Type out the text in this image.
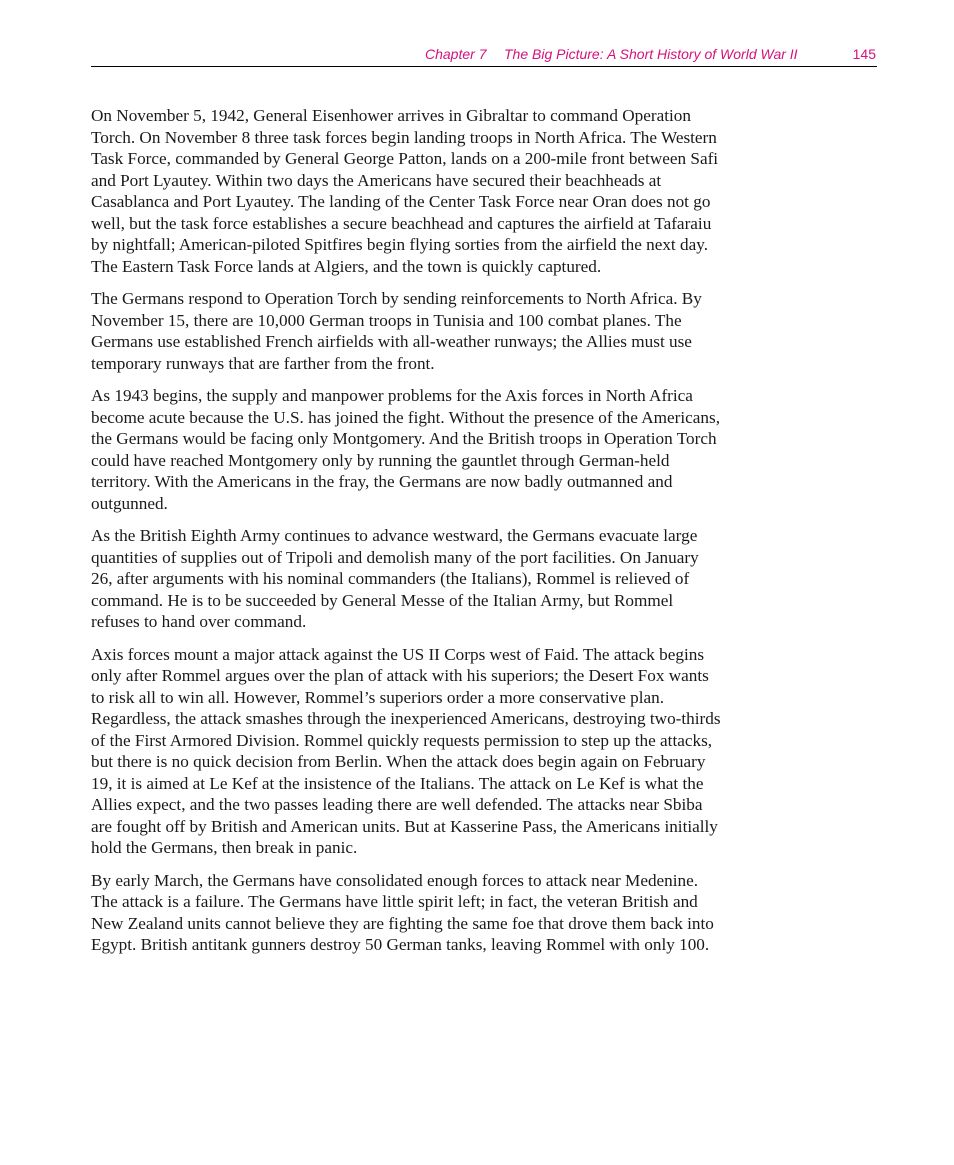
Chapter 7 The Big Picture: A Short History of World War II	145

On November 5, 1942, General Eisenhower arrives in Gibraltar to command Operation Torch. On November 8 three task forces begin landing troops in North Africa. The Western Task Force, commanded by General George Patton, lands on a 200-mile front between Safi and Port Lyautey. Within two days the Americans have secured their beachheads at Casablanca and Port Lyautey. The landing of the Center Task Force near Oran does not go well, but the task force establishes a secure beachhead and captures the airfield at Tafaraiu by nightfall; American-piloted Spitfires begin flying sorties from the airfield the next day. The Eastern Task Force lands at Algiers, and the town is quickly captured.

The Germans respond to Operation Torch by sending reinforcements to North Africa. By November 15, there are 10,000 German troops in Tunisia and 100 combat planes. The Germans use established French airfields with all-weather runways; the Allies must use temporary runways that are farther from the front.

As 1943 begins, the supply and manpower problems for the Axis forces in North Africa become acute because the U.S. has joined the fight. Without the presence of the Americans, the Germans would be facing only Montgomery. And the British troops in Operation Torch could have reached Montgomery only by running the gauntlet through German-held territory. With the Americans in the fray, the Germans are now badly outmanned and outgunned.

As the British Eighth Army continues to advance westward, the Germans evacuate large quantities of supplies out of Tripoli and demolish many of the port facilities. On January 26, after arguments with his nominal commanders (the Italians), Rommel is relieved of command. He is to be succeeded by General Messe of the Italian Army, but Rommel refuses to hand over command.

Axis forces mount a major attack against the US II Corps west of Faid. The attack begins only after Rommel argues over the plan of attack with his superiors; the Desert Fox wants to risk all to win all. However, Rommel’s superiors order a more conservative plan. Regardless, the attack smashes through the inexperienced Americans, destroying two-thirds of the First Armored Division. Rommel quickly requests permission to step up the attacks, but there is no quick decision from Berlin. When the attack does begin again on February 19, it is aimed at Le Kef at the insistence of the Italians. The attack on Le Kef is what the Allies expect, and the two passes leading there are well defended. The attacks near Sbiba are fought off by British and American units. But at Kasserine Pass, the Americans initially hold the Germans, then break in panic.

By early March, the Germans have consolidated enough forces to attack near Medenine. The attack is a failure. The Germans have little spirit left; in fact, the veteran British and New Zealand units cannot believe they are fighting the same foe that drove them back into Egypt. British antitank gunners destroy 50 German tanks, leaving Rommel with only 100.
